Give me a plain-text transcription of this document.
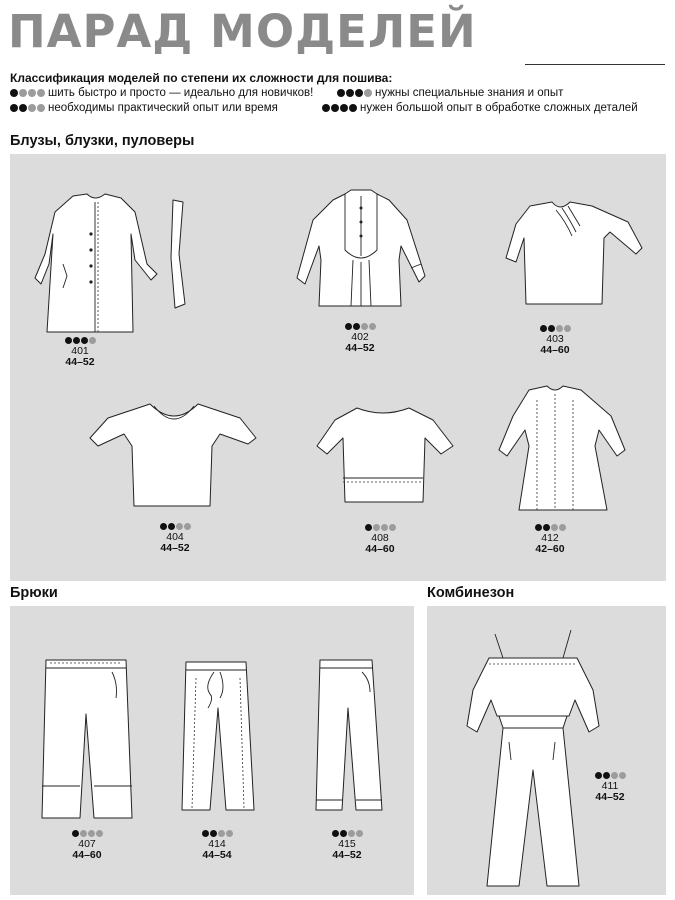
ПАРАД МОДЕЛЕЙ
Классификация моделей по степени их сложности для пошива:
шить быстро и просто — идеально для новичков!
необходимы практический опыт или время
нужны специальные знания и опыт
нужен большой опыт в обработке сложных деталей
Блузы, блузки, пуловеры
401
44–52
402
44–52
403
44–60
404
44–52
408
44–60
412
42–60
Брюки
407
44–60
414
44–54
415
44–52
Комбинезон
411
44–52
